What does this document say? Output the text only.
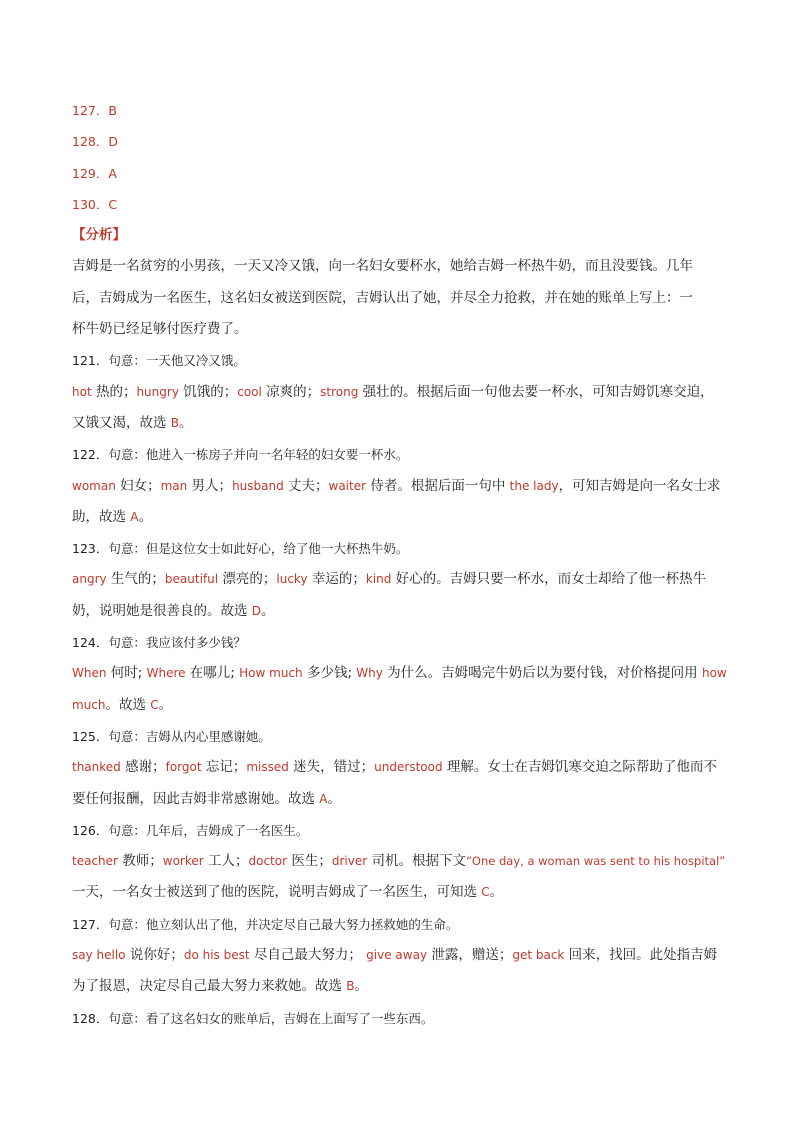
127．B
128．D
129．A
130．C
【分析】
吉姆是一名贫穷的小男孩，一天又冷又饿，向一名妇女要杯水，她给吉姆一杯热牛奶，而且没要钱。几年
后，吉姆成为一名医生，这名妇女被送到医院，吉姆认出了她，并尽全力抢救，并在她的账单上写上：一
杯牛奶已经足够付医疗费了。
121．句意：一天他又冷又饿。
hot 热的；hungry 饥饿的；cool 凉爽的；strong 强壮的。根据后面一句他去要一杯水，可知吉姆饥寒交迫，
又饿又渴，故选 B。
122．句意：他进入一栋房子并向一名年轻的妇女要一杯水。
woman 妇女；man 男人；husband 丈夫；waiter 侍者。根据后面一句中 the lady，可知吉姆是向一名女士求
助，故选 A。
123．句意：但是这位女士如此好心，给了他一大杯热牛奶。
angry 生气的；beautiful 漂亮的；lucky 幸运的；kind 好心的。吉姆只要一杯水，而女士却给了他一杯热牛
奶，说明她是很善良的。故选 D。
124．句意：我应该付多少钱？
When 何时; Where 在哪儿; How much 多少钱; Why 为什么。吉姆喝完牛奶后以为要付钱，对价格提问用 how
much。故选 C。
125．句意：吉姆从内心里感谢她。
thanked 感谢；forgot 忘记；missed 迷失，错过；understood 理解。女士在吉姆饥寒交迫之际帮助了他而不
要任何报酬，因此吉姆非常感谢她。故选 A。
126．句意：几年后，吉姆成了一名医生。
teacher 教师；worker 工人；doctor 医生；driver 司机。根据下文“One day, a woman was sent to his hospital”
一天，一名女士被送到了他的医院，说明吉姆成了一名医生，可知选 C。
127．句意：他立刻认出了他，并决定尽自己最大努力拯救她的生命。
say hello 说你好；do his best 尽自己最大努力； give away 泄露，赠送；get back 回来，找回。此处指吉姆
为了报恩，决定尽自己最大努力来救她。故选 B。
128．句意：看了这名妇女的账单后，吉姆在上面写了一些东西。
